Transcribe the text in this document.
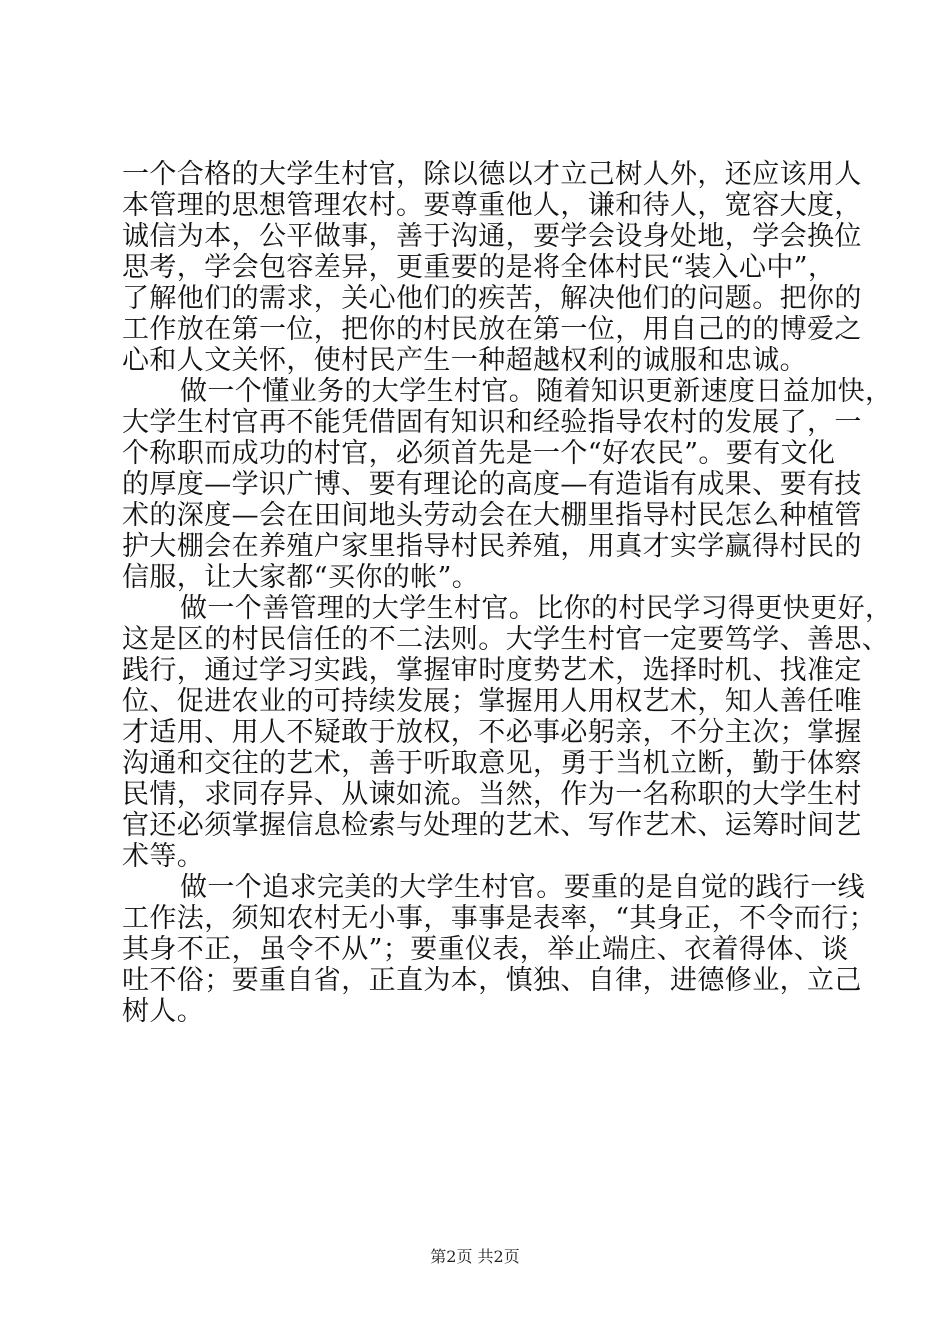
一个合格的大学生村官，除以德以才立己树人外，还应该用人
本管理的思想管理农村。要尊重他人，谦和待人，宽容大度，
诚信为本，公平做事，善于沟通，要学会设身处地，学会换位
思考，学会包容差异，更重要的是将全体村民“装入心中”，
了解他们的需求，关心他们的疾苦，解决他们的问题。把你的
工作放在第一位，把你的村民放在第一位，用自己的的博爱之
心和人文关怀，使村民产生一种超越权利的诚服和忠诚。
做一个懂业务的大学生村官。随着知识更新速度日益加快，
大学生村官再不能凭借固有知识和经验指导农村的发展了，一
个称职而成功的村官，必须首先是一个“好农民”。要有文化
的厚度—学识广博、要有理论的高度—有造诣有成果、要有技
术的深度—会在田间地头劳动会在大棚里指导村民怎么种植管
护大棚会在养殖户家里指导村民养殖，用真才实学赢得村民的
信服，让大家都“买你的帐”。
做一个善管理的大学生村官。比你的村民学习得更快更好，
这是区的村民信任的不二法则。大学生村官一定要笃学、善思、
践行，通过学习实践，掌握审时度势艺术，选择时机、找准定
位、促进农业的可持续发展；掌握用人用权艺术，知人善任唯
才适用、用人不疑敢于放权，不必事必躬亲，不分主次；掌握
沟通和交往的艺术，善于听取意见，勇于当机立断，勤于体察
民情，求同存异、从谏如流。当然，作为一名称职的大学生村
官还必须掌握信息检索与处理的艺术、写作艺术、运筹时间艺
术等。
做一个追求完美的大学生村官。要重的是自觉的践行一线
工作法，须知农村无小事，事事是表率，“其身正，不令而行；
其身不正，虽令不从”；要重仪表，举止端庄、衣着得体、谈
吐不俗；要重自省，正直为本，慎独、自律，进德修业，立己
树人。
第2页 共2页
